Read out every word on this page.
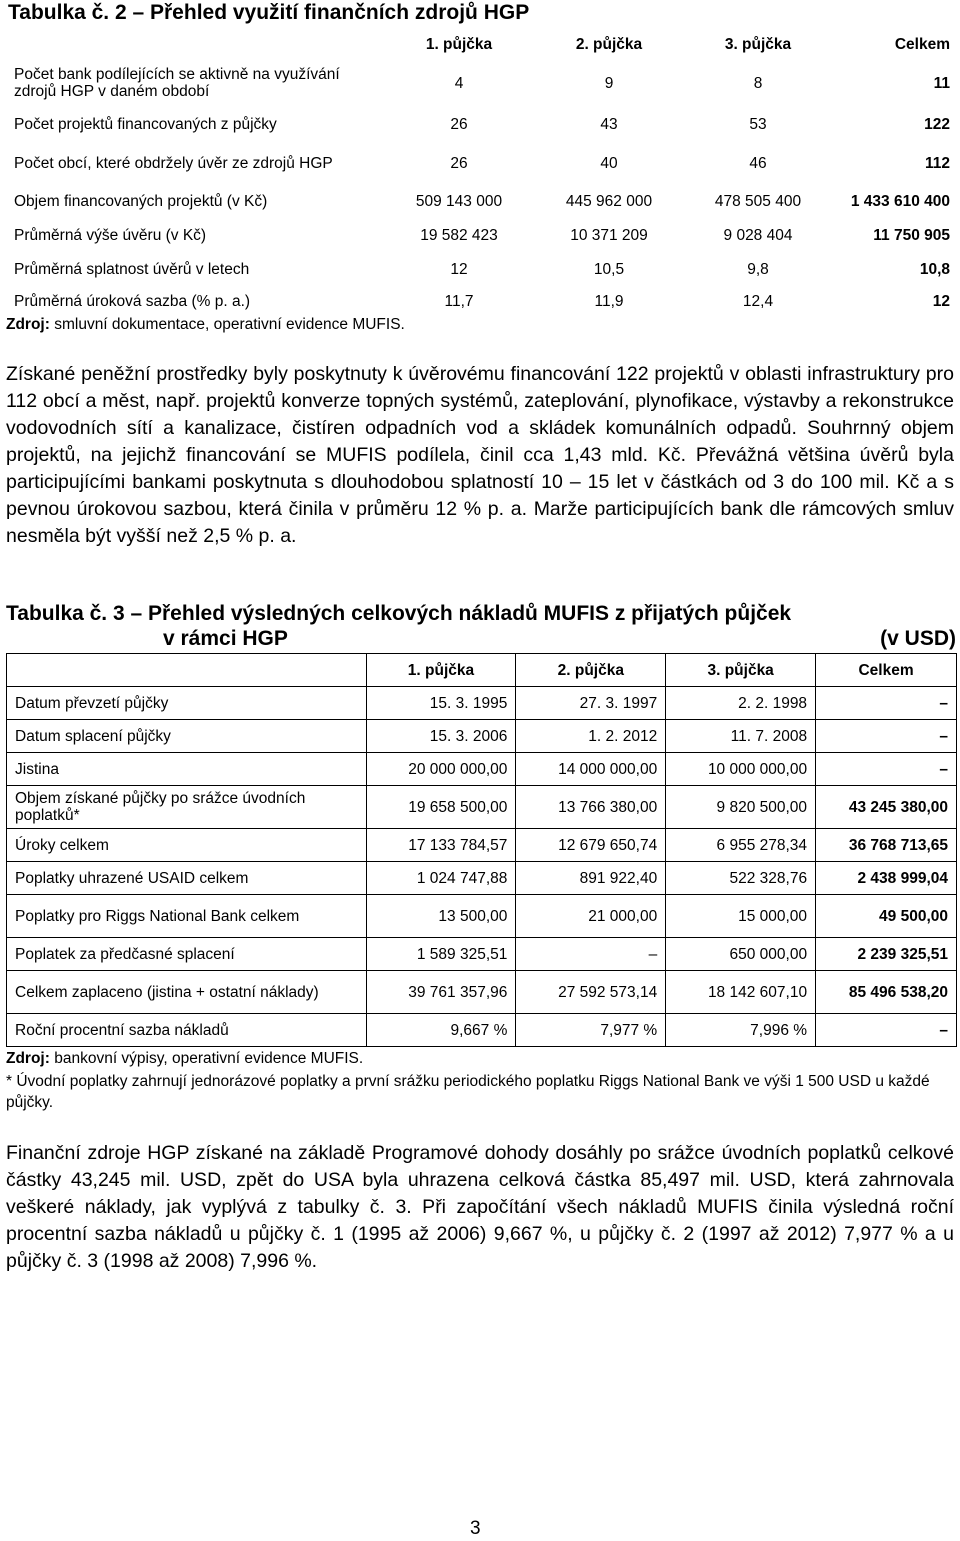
Tabulka č. 2 – Přehled využití finančních zdrojů HGP
	1. půjčka	2. půjčka	3. půjčka	Celkem
Počet bank podílejících se aktivně na využívání zdrojů HGP v daném období	4	9	8	11
Počet projektů financovaných z půjčky	26	43	53	122
Počet obcí, které obdržely úvěr ze zdrojů HGP	26	40	46	112
Objem financovaných projektů (v Kč)	509 143 000	445 962 000	478 505 400	1 433 610 400
Průměrná výše úvěru (v Kč)	19 582 423	10 371 209	9 028 404	11 750 905
Průměrná splatnost úvěrů v letech	12	10,5	9,8	10,8
Průměrná úroková sazba (% p. a.)	11,7	11,9	12,4	12
Zdroj: smluvní dokumentace, operativní evidence MUFIS.
Získané peněžní prostředky byly poskytnuty k úvěrovému financování 122 projektů v oblasti infrastruktury pro 112 obcí a měst, např. projektů konverze topných systémů, zateplování, plynofikace, výstavby a rekonstrukce vodovodních sítí a kanalizace, čistíren odpadních vod a skládek komunálních odpadů. Souhrnný objem projektů, na jejichž financování se MUFIS podílela, činil cca 1,43 mld. Kč. Převážná většina úvěrů byla participujícími bankami poskytnuta s dlouhodobou splatností 10 – 15 let v částkách od 3 do 100 mil. Kč a s pevnou úrokovou sazbou, která činila v průměru 12 % p. a. Marže participujících bank dle rámcových smluv nesměla být vyšší než 2,5 % p. a.
Tabulka č. 3 – Přehled výsledných celkových nákladů MUFIS z přijatých půjček
v rámci HGP	(v USD)
	1. půjčka	2. půjčka	3. půjčka	Celkem
Datum převzetí půjčky	15. 3. 1995	27. 3. 1997	2. 2. 1998	–
Datum splacení půjčky	15. 3. 2006	1. 2. 2012	11. 7. 2008	–
Jistina	20 000 000,00	14 000 000,00	10 000 000,00	–
Objem získané půjčky po srážce úvodních poplatků*	19 658 500,00	13 766 380,00	9 820 500,00	43 245 380,00
Úroky celkem	17 133 784,57	12 679 650,74	6 955 278,34	36 768 713,65
Poplatky uhrazené USAID celkem	1 024 747,88	891 922,40	522 328,76	2 438 999,04
Poplatky pro Riggs National Bank celkem	13 500,00	21 000,00	15 000,00	49 500,00
Poplatek za předčasné splacení	1 589 325,51	–	650 000,00	2 239 325,51
Celkem zaplaceno (jistina + ostatní náklady)	39 761 357,96	27 592 573,14	18 142 607,10	85 496 538,20
Roční procentní sazba nákladů	9,667 %	7,977 %	7,996 %	–
Zdroj: bankovní výpisy, operativní evidence MUFIS.
* Úvodní poplatky zahrnují jednorázové poplatky a první srážku periodického poplatku Riggs National Bank ve výši 1 500 USD u každé půjčky.
Finanční zdroje HGP získané na základě Programové dohody dosáhly po srážce úvodních poplatků celkové částky 43,245 mil. USD, zpět do USA byla uhrazena celková částka 85,497 mil. USD, která zahrnovala veškeré náklady, jak vyplývá z tabulky č. 3. Při započítání všech nákladů MUFIS činila výsledná roční procentní sazba nákladů u půjčky č. 1 (1995 až 2006) 9,667 %, u půjčky č. 2 (1997 až 2012) 7,977 % a u půjčky č. 3 (1998 až 2008) 7,996 %.
3
